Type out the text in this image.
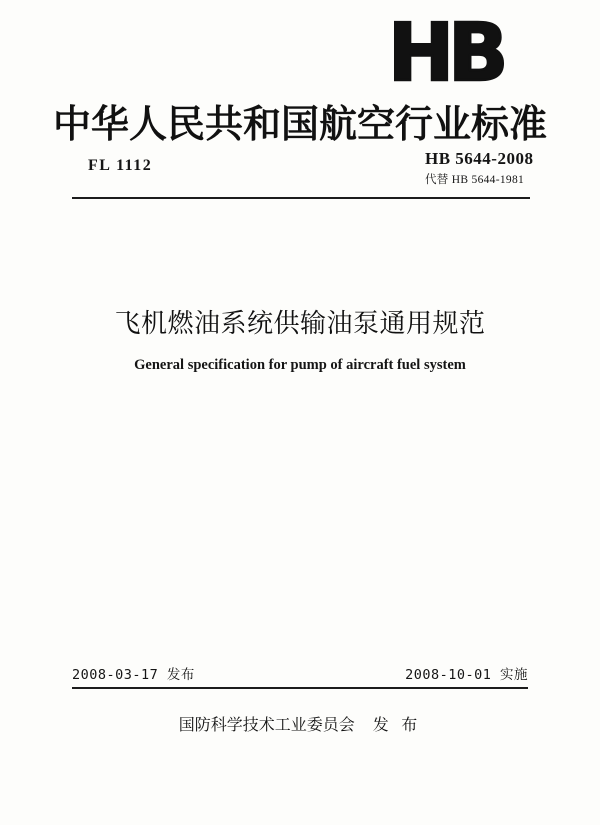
HB
中华人民共和国航空行业标准
FL 1112	HB 5644-2008
代替 HB 5644-1981
飞机燃油系统供输油泵通用规范
General specification for pump of aircraft fuel system
2008-03-17 发布	2008-10-01 实施
国防科学技术工业委员会 发 布
